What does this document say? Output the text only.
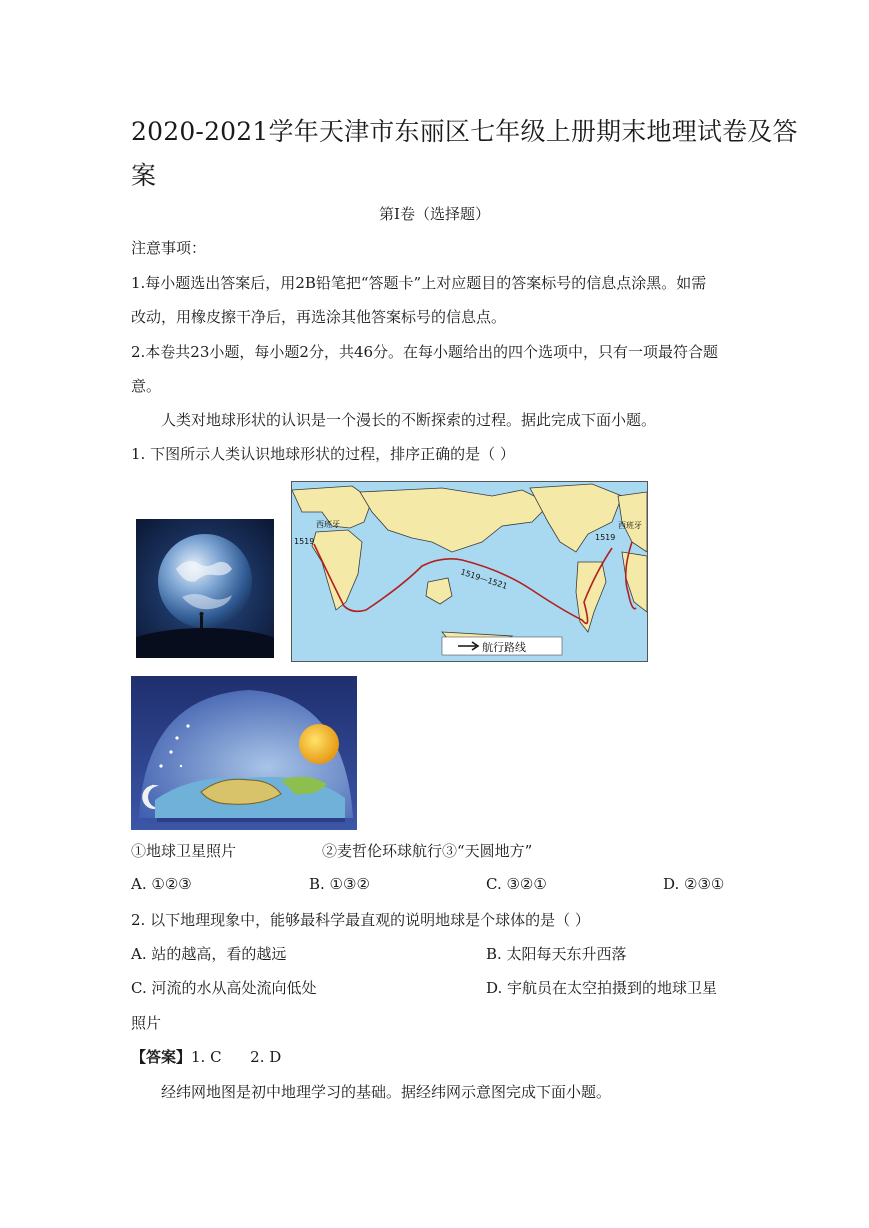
2020-2021学年天津市东丽区七年级上册期末地理试卷及答
案
第Ⅰ卷（选择题）
注意事项：
1.每小题选出答案后，用2B铅笔把“答题卡”上对应题目的答案标号的信息点涂黑。如需
改动，用橡皮擦干净后，再选涂其他答案标号的信息点。
2.本卷共23小题，每小题2分，共46分。在每小题给出的四个选项中，只有一项最符合题
意。
人类对地球形状的认识是一个漫长的不断探索的过程。据此完成下面小题。
1. 下图所示人类认识地球形状的过程，排序正确的是（ ）
航行路线
西班牙	西班牙
1519	1519
1519—1521
①地球卫星照片	②麦哲伦环球航行③“天圆地方”
A. ①②③	B. ①③②	C. ③②①	D. ②③①
2. 以下地理现象中，能够最科学最直观的说明地球是个球体的是（ ）
A. 站的越高，看的越远	B. 太阳每天东升西落
C. 河流的水从高处流向低处	D. 宇航员在太空拍摄到的地球卫星
照片
【答案】1. C      2. D
经纬网地图是初中地理学习的基础。据经纬网示意图完成下面小题。
